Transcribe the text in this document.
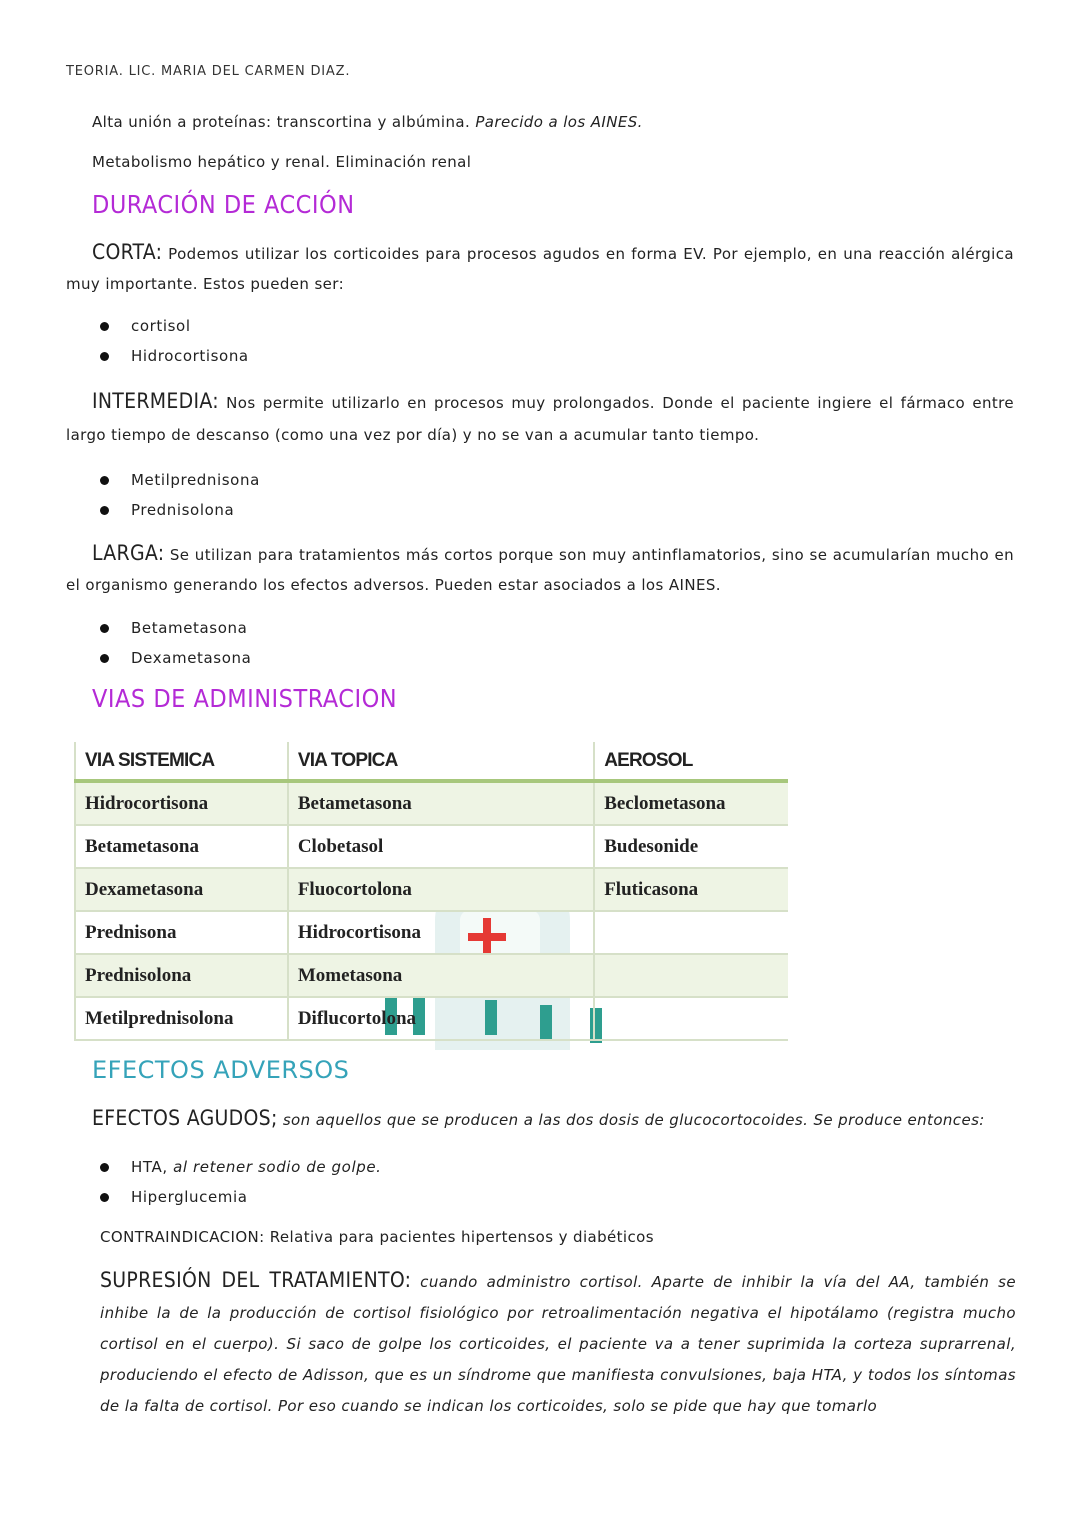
TEORIA. LIC. MARIA DEL CARMEN DIAZ.
Alta unión a proteínas: transcortina y albúmina. Parecido a los AINES.
Metabolismo hepático y renal. Eliminación renal
DURACIÓN DE ACCIÓN
CORTA: Podemos utilizar los corticoides para procesos agudos en forma EV. Por ejemplo, en una reacción alérgica muy importante. Estos pueden ser:
cortisol
Hidrocortisona
INTERMEDIA: Nos permite utilizarlo en procesos muy prolongados. Donde el paciente ingiere el fármaco entre largo tiempo de descanso (como una vez por día) y no se van a acumular tanto tiempo.
Metilprednisona
Prednisolona
LARGA: Se utilizan para tratamientos más cortos porque son muy antinflamatorios, sino se acumularían mucho en el organismo generando los efectos adversos. Pueden estar asociados a los AINES.
Betametasona
Dexametasona
VIAS DE ADMINISTRACION
VIA SISTEMICA	VIA TOPICA	AEROSOL
Hidrocortisona	Betametasona	Beclometasona
Betametasona	Clobetasol	Budesonide
Dexametasona	Fluocortolona	Fluticasona
Prednisona	Hidrocortisona	
Prednisolona	Mometasona	
Metilprednisolona	Diflucortolona	
EFECTOS ADVERSOS
EFECTOS AGUDOS; son aquellos que se producen a las dos dosis de glucocortocoides. Se produce entonces:
HTA, al retener sodio de golpe.
Hiperglucemia
CONTRAINDICACION: Relativa para pacientes hipertensos y diabéticos
SUPRESIÓN DEL TRATAMIENTO: cuando administro cortisol. Aparte de inhibir la vía del AA, también se inhibe la de la producción de cortisol fisiológico por retroalimentación negativa el hipotálamo (registra mucho cortisol en el cuerpo). Si saco de golpe los corticoides, el paciente va a tener suprimida la corteza suprarrenal, produciendo el efecto de Adisson, que es un síndrome que manifiesta convulsiones, baja HTA, y todos los síntomas de la falta de cortisol. Por eso cuando se indican los corticoides, solo se pide que hay que tomarlo
